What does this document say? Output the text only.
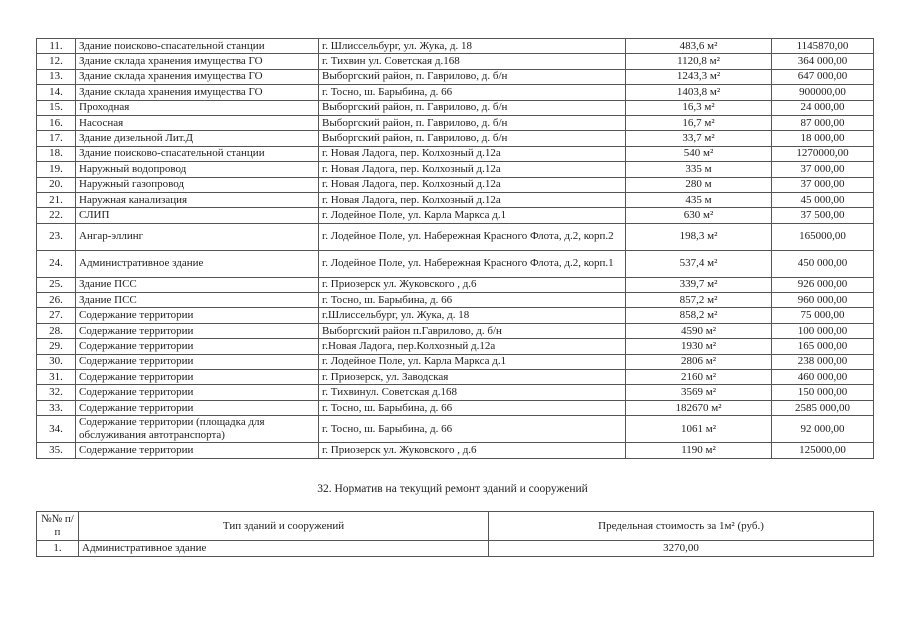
11.	Здание поисково-спасательной станции	г. Шлиссельбург, ул. Жука, д. 18	483,6 м²	1145870,00
12.	Здание склада хранения имущества ГО	г. Тихвин ул. Советская д.168	1120,8 м²	364 000,00
13.	Здание склада хранения имущества ГО	Выборгский район, п. Гаврилово, д. б/н	1243,3 м²	647 000,00
14.	Здание склада хранения имущества ГО	г. Тосно, ш. Барыбина, д. 66	1403,8 м²	900000,00
15.	Проходная	Выборгский район, п. Гаврилово, д. б/н	16,3 м²	24 000,00
16.	Насосная	Выборгский район, п. Гаврилово, д. б/н	16,7 м²	87 000,00
17.	Здание дизельной Лит.Д	Выборгский район, п. Гаврилово, д. б/н	33,7 м²	18 000,00
18.	Здание поисково-спасательной станции	г. Новая Ладога, пер. Колхозный д.12а	540 м²	1270000,00
19.	Наружный водопровод	г. Новая Ладога, пер. Колхозный д.12а	335 м	37 000,00
20.	Наружный газопровод	г. Новая Ладога, пер. Колхозный д.12а	280 м	37 000,00
21.	Наружная канализация	г. Новая Ладога, пер. Колхозный д.12а	435 м	45 000,00
22.	СЛИП	г. Лодейное Поле, ул. Карла Маркса д.1	630 м²	37 500,00
23.	Ангар-эллинг	г. Лодейное Поле, ул. Набережная Красного Флота, д.2, корп.2	198,3 м²	165000,00
24.	Административное здание	г. Лодейное Поле, ул. Набережная Красного Флота, д.2, корп.1	537,4 м²	450 000,00
25.	Здание ПСС	г. Приозерск ул. Жуковского , д.6	339,7 м²	926 000,00
26.	Здание ПСС	г. Тосно, ш. Барыбина, д. 66	857,2 м²	960 000,00
27.	Содержание территории	г.Шлиссельбург, ул. Жука, д. 18	858,2 м²	75 000,00
28.	Содержание территории	Выборгский район п.Гаврилово, д. б/н	4590 м²	100 000,00
29.	Содержание территории	г.Новая Ладога, пер.Колхозный д.12а	1930 м²	165 000,00
30.	Содержание территории	г. Лодейное Поле, ул. Карла Маркса д.1	2806 м²	238 000,00
31.	Содержание территории	г. Приозерск, ул. Заводская	2160 м²	460 000,00
32.	Содержание территории	г. Тихвинул. Советская д.168	3569 м²	150 000,00
33.	Содержание территории	г. Тосно, ш. Барыбина, д. 66	182670 м²	2585 000,00
34.	Содержание территории (площадка для обслуживания автотранспорта)	г. Тосно, ш. Барыбина, д. 66	1061 м²	92 000,00
35.	Содержание территории	г. Приозерск ул. Жуковского , д.6	1190 м²	125000,00
32. Норматив на текущий ремонт зданий и сооружений
№№ п/п	Тип зданий и сооружений	Предельная стоимость за 1м² (руб.)
1.	Административное здание	3270,00
